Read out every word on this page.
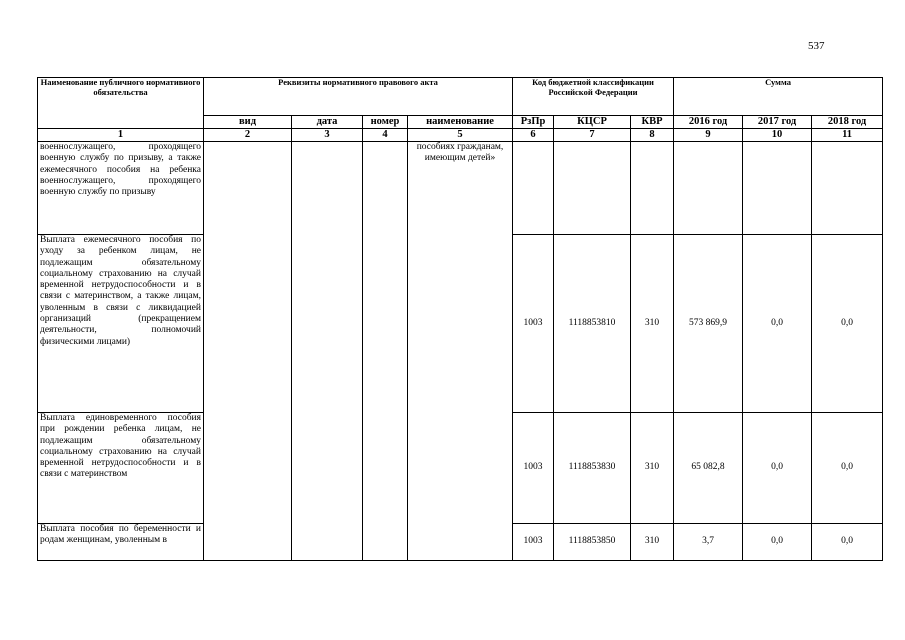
537
Наименование публичного нормативного обязательства	Реквизиты нормативного правового акта				Код бюджетной классификации Российской Федерации			Сумма		
	вид	дата	номер	наименование	РзПр	КЦСР	КВР	2016 год	2017 год	2018 год
1	2	3	4	5	6	7	8	9	10	11
военнослужащего, проходящего военную службу по призыву, а также ежемесячного пособия на ребенка военнослужащего, проходящего военную службу по призыву				пособиях гражданам, имеющим детей»						
Выплата ежемесячного пособия по уходу за ребенком лицам, не подлежащим обязательному социальному страхованию на случай временной нетрудоспособности и в связи с материнством, а также лицам, уволенным в связи с ликвидацией организаций (прекращением деятельности, полномочий физическими лицами)					1003	1118853810	310	573 869,9	0,0	0,0
Выплата единовременного пособия при рождении ребенка лицам, не подлежащим обязательному социальному страхованию на случай временной нетрудоспособности и в связи с материнством					1003	1118853830	310	65 082,8	0,0	0,0
Выплата пособия по беременности и родам женщинам, уволенным в					1003	1118853850	310	3,7	0,0	0,0
